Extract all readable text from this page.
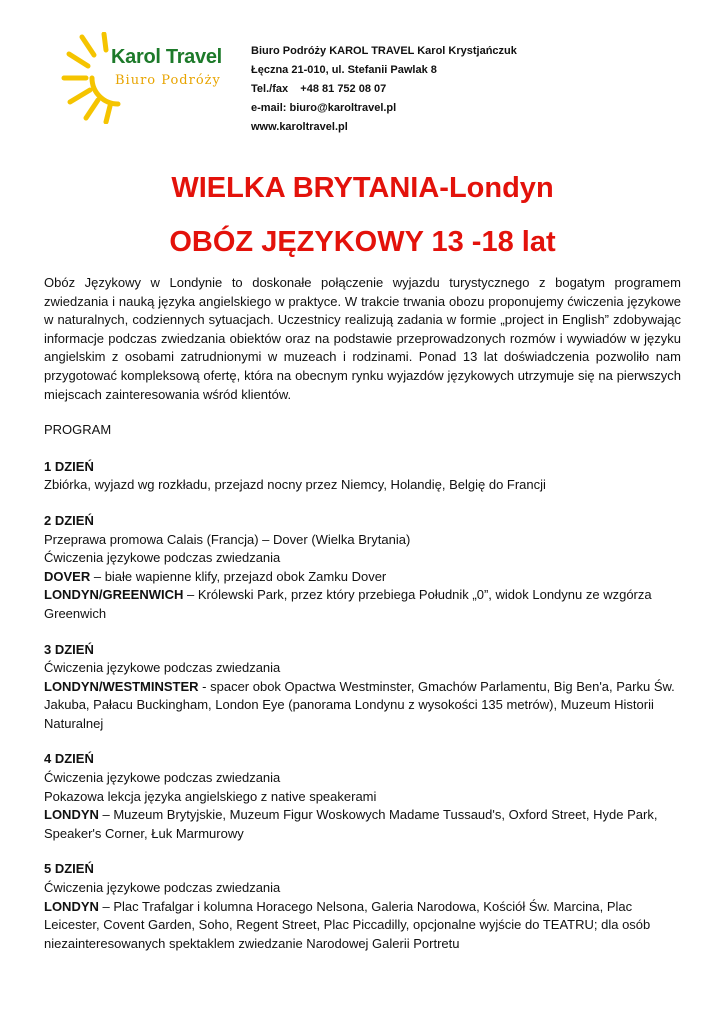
Karol Travel
Biuro Podróży
Biuro Podróży KAROL TRAVEL Karol Krystjańczuk
Łęczna 21-010, ul. Stefanii Pawlak 8
Tel./fax    +48 81 752 08 07
e-mail: biuro@karoltravel.pl
www.karoltravel.pl
WIELKA BRYTANIA-Londyn
OBÓZ JĘZYKOWY 13 -18 lat

Obóz Językowy w Londynie to doskonałe połączenie wyjazdu turystycznego z bogatym programem zwiedzania i nauką języka angielskiego w praktyce. W trakcie trwania obozu proponujemy ćwiczenia językowe w naturalnych, codziennych sytuacjach. Uczestnicy realizują zadania w formie „project in English” zdobywając informacje podczas zwiedzania obiektów oraz na podstawie przeprowadzonych rozmów i wywiadów w języku angielskim z osobami zatrudnionymi w muzeach i rodzinami. Ponad 13 lat doświadczenia pozwoliło nam przygotować kompleksową ofertę, która na obecnym rynku wyjazdów językowych utrzymuje się na pierwszych miejscach zainteresowania wśród klientów.

PROGRAM
1 DZIEŃ
Zbiórka, wyjazd wg rozkładu, przejazd nocny przez Niemcy, Holandię, Belgię do Francji
2 DZIEŃ
Przeprawa promowa Calais (Francja) – Dover (Wielka Brytania)
Ćwiczenia językowe podczas zwiedzania
DOVER – białe wapienne klify, przejazd obok Zamku Dover
LONDYN/GREENWICH – Królewski Park, przez który przebiega Południk „0”, widok Londynu ze wzgórza Greenwich
3 DZIEŃ
Ćwiczenia językowe podczas zwiedzania
LONDYN/WESTMINSTER - spacer obok Opactwa Westminster, Gmachów Parlamentu, Big Ben'a, Parku Św. Jakuba, Pałacu Buckingham, London Eye (panorama Londynu z wysokości 135 metrów), Muzeum Historii Naturalnej
4 DZIEŃ
Ćwiczenia językowe podczas zwiedzania
Pokazowa lekcja języka angielskiego z native speakerami
LONDYN – Muzeum Brytyjskie, Muzeum Figur Woskowych Madame Tussaud's, Oxford Street, Hyde Park, Speaker's Corner, Łuk Marmurowy
5 DZIEŃ
Ćwiczenia językowe podczas zwiedzania
LONDYN – Plac Trafalgar i kolumna Horacego Nelsona, Galeria Narodowa, Kościół Św. Marcina, Plac Leicester, Covent Garden, Soho, Regent Street, Plac Piccadilly, opcjonalne wyjście do TEATRU; dla osób niezainteresowanych spektaklem zwiedzanie Narodowej Galerii Portretu
